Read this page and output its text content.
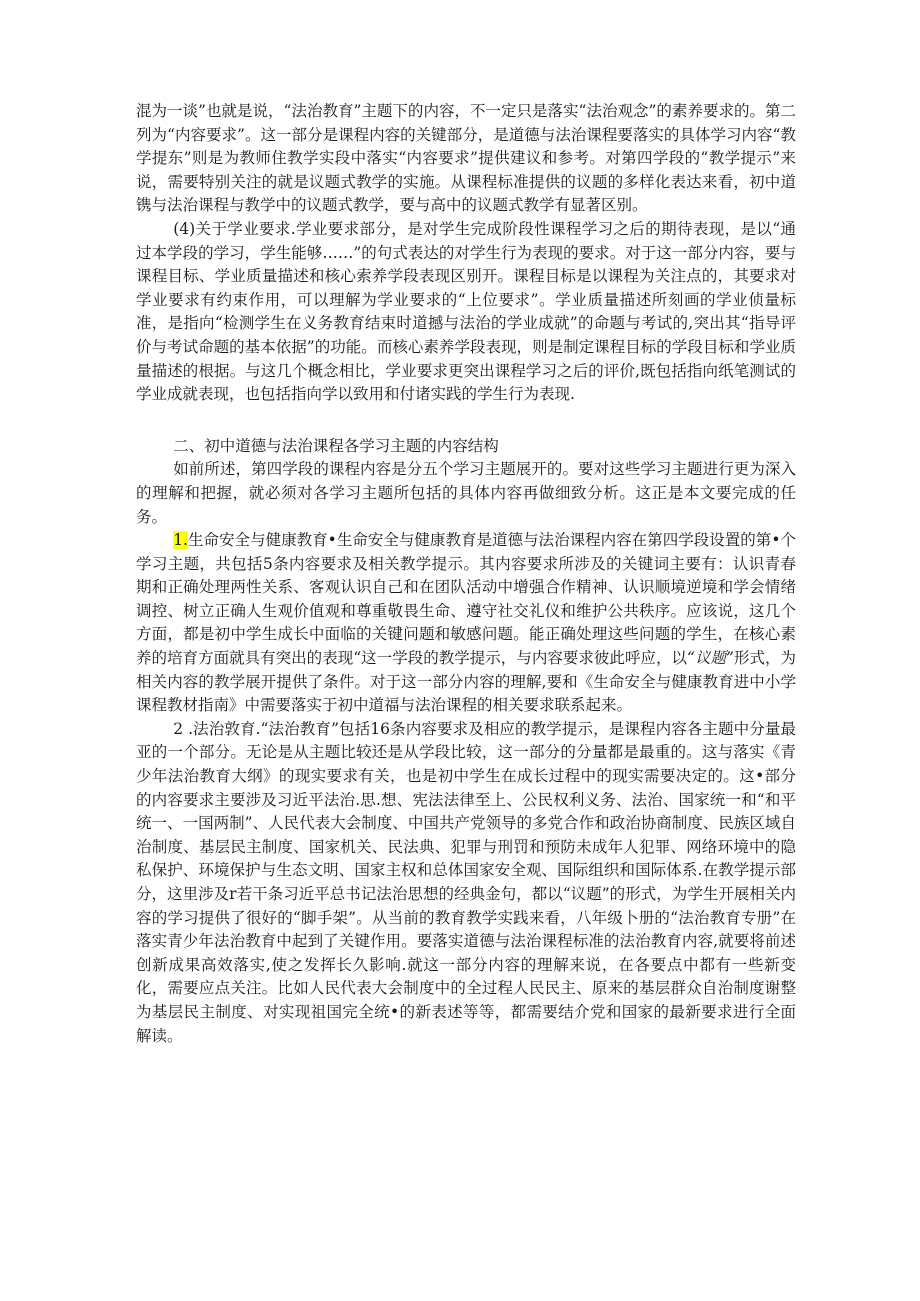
混为一谈”也就是说，“法治教育”主题下的内容，不一定只是落实“法治观念”的素养要求的。第二列为“内容要求”。这一部分是课程内容的关键部分，是道德与法治课程要落实的具体学习内容“教学提东”则是为教师住教学实段中落实“内容要求”提供建议和参考。对第四学段的“教学提示”来说，需要特别关注的就是议题式教学的实施。从课程标准提供的议题的多样化表达来看，初中道镌与法治课程与教学中的议题式教学，要与高中的议题式教学有显著区别。

(4)关于学业要求.学业要求部分，是对学生完成阶段性课程学习之后的期待表现，是以“通过本学段的学习，学生能够……”的句式表达的对学生行为表现的要求。对于这一部分内容，要与课程目标、学业质量描述和核心索养学段表现区别开。课程目标是以课程为关注点的，其要求对学业要求有约束作用，可以理解为学业要求的“上位要求”。学业质量描述所刻画的学业侦量标准，是指向“检测学生在义务教育结束时道撼与法治的学业成就”的命题与考试的,突出其“指导评价与考试命题的基本依据”的功能。而核心素养学段表现，则是制定课程目标的学段目标和学业质量描述的根据。与这几个概念相比，学业要求更突出课程学习之后的评价,既包括指向纸笔测试的学业成就表现，也包括指向学以致用和付诸实践的学生行为表现.

二、初中道德与法治课程各学习主题的内容结构

如前所述，第四学段的课程内容是分五个学习主题展开的。要对这些学习主题进行更为深入的理解和把握，就必须对各学习主题所包括的具体内容再做细致分析。这正是本文要完成的任务。

1.生命安全与健康教育•生命安全与健康教育是道德与法治课程内容在第四学段设置的第•个学习主题，共包括5条内容要求及相关教学提示。其内容要求所涉及的关键词主要有：认识青春期和正确处理两性关系、客观认识自己和在团队活动中增强合作精神、认识顺境逆境和学会情绪调控、树立正确人生观价值观和尊重敬畏生命、遵守社交礼仪和维护公共秩序。应该说，这几个方面，都是初中学生成长中面临的关键问题和敏感问题。能正确处理这些问题的学生，在核心素养的培育方面就具有突出的表现“这一学段的教学提示，与内容要求彼此呼应，以“议题”形式，为相关内容的教学展开提供了条件。对于这一部分内容的理解,要和《生命安全与健康教育进中小学课程教材指南》中需要落实于初中道福与法治课程的相关要求联系起来。

2 .法治敦育.“法治教育”包括16条内容要求及相应的教学提示，是课程内容各主题中分量最亚的一个部分。无论是从主题比较还是从学段比较，这一部分的分量都是最重的。这与落实《青少年法治教育大纲》的现实要求有关，也是初中学生在成长过程中的现实需要决定的。这•部分的内容要求主要涉及习近平法治.思.想、宪法法律至上、公民权利义务、法治、国家统一和“和平统一、一国两制”、人民代表大会制度、中国共产党领导的多党合作和政治协商制度、民族区域自治制度、基层民主制度、国家机关、民法典、犯罪与刑罚和预防未成年人犯罪、网络环境中的隐私保护、环境保护与生态文明、国家主权和总体国家安全观、国际组织和国际体系.在教学提示部分，这里涉及r若干条习近平总书记法治思想的经典金句，都以“议题”的形式，为学生开展相关内容的学习提供了很好的“脚手架”。从当前的教育教学实践来看，八年级卜册的“法治教育专册”在落实青少年法治教育中起到了关键作用。要落实道德与法治课程标准的法治教育内容,就要将前述创新成果高效落实,使之发挥长久影响.就这一部分内容的理解来说，在各要点中都有一些新变化，需要应点关注。比如人民代表大会制度中的全过程人民民主、原来的基层群众自治制度谢整为基层民主制度、对实现祖国完全统•的新表述等等，都需要结介党和国家的最新要求进行全面解读。
